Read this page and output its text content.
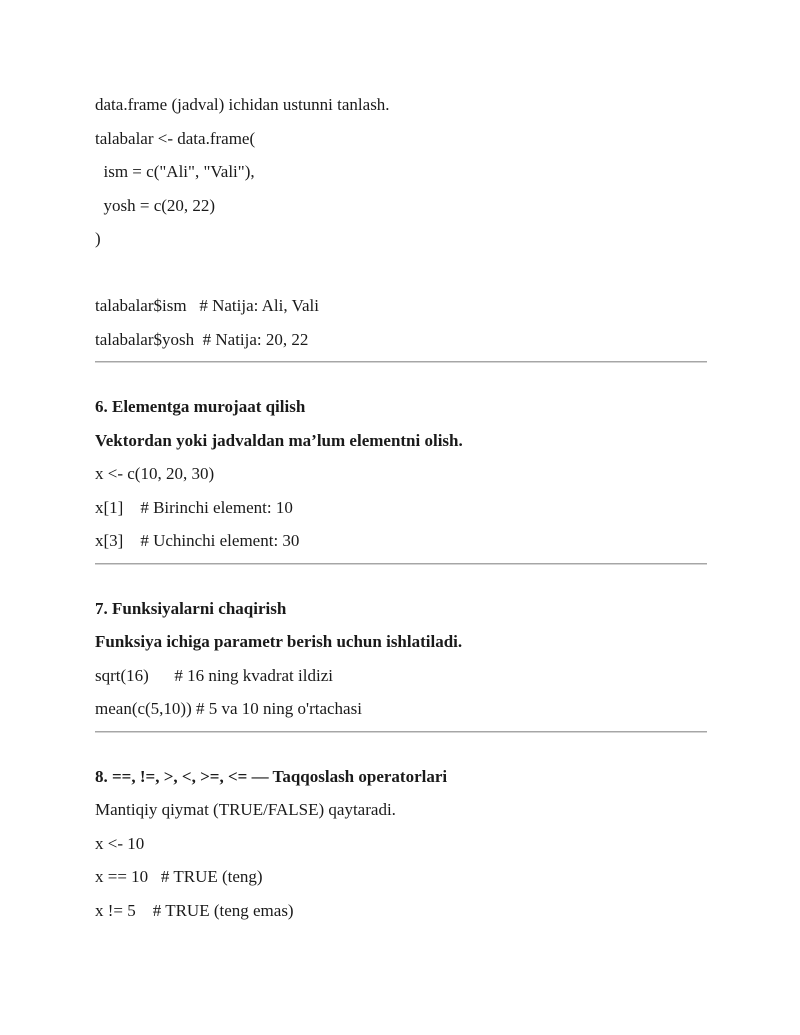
data.frame (jadval) ichidan ustunni tanlash.
talabalar <- data.frame(
ism = c("Ali", "Vali"),
yosh = c(20, 22)
)
talabalar$ism   # Natija: Ali, Vali
talabalar$yosh  # Natija: 20, 22
6. Elementga murojaat qilish
Vektordan yoki jadvaldan ma’lum elementni olish.
x <- c(10, 20, 30)
x[1]    # Birinchi element: 10
x[3]    # Uchinchi element: 30
7. Funksiyalarni chaqirish
Funksiya ichiga parametr berish uchun ishlatiladi.
sqrt(16)      # 16 ning kvadrat ildizi
mean(c(5,10)) # 5 va 10 ning o'rtachasi
8. ==, !=, >, <, >=, <= — Taqqoslash operatorlari
Mantiqiy qiymat (TRUE/FALSE) qaytaradi.
x <- 10
x == 10   # TRUE (teng)
x != 5    # TRUE (teng emas)
